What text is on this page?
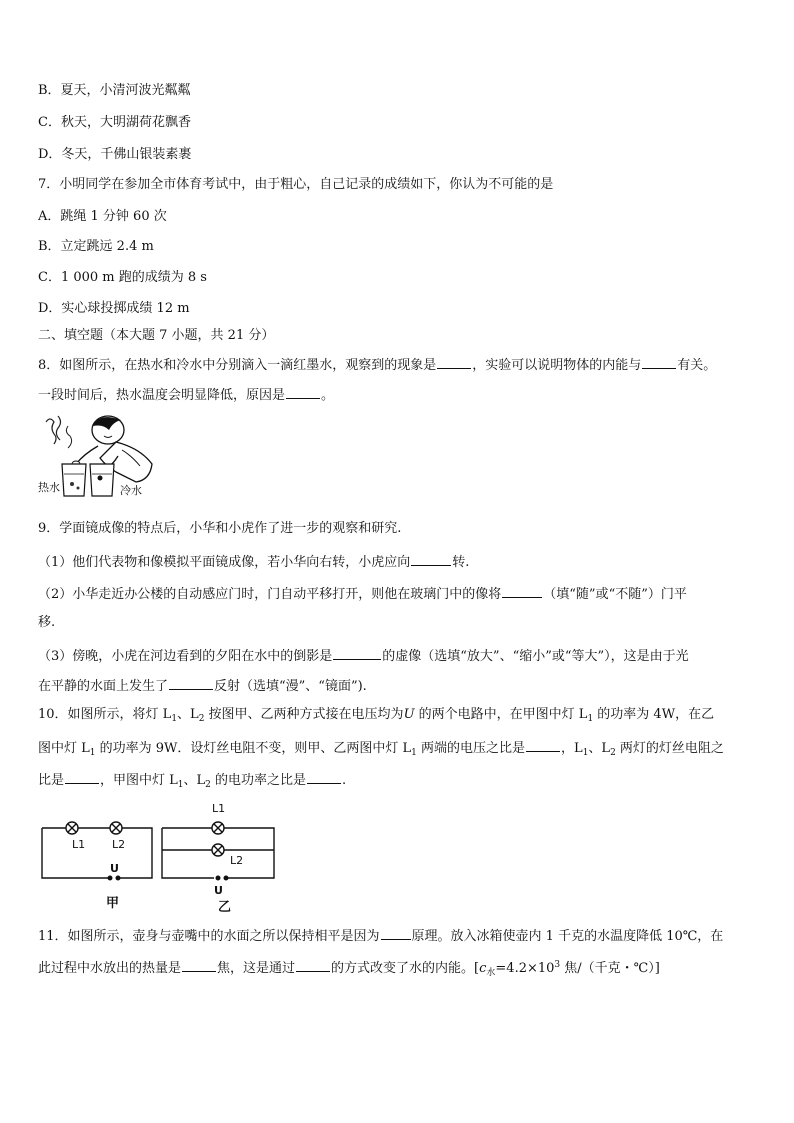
B．夏天，小清河波光粼粼
C．秋天，大明湖荷花飘香
D．冬天，千佛山银装素裹
7．小明同学在参加全市体育考试中，由于粗心，自己记录的成绩如下，你认为不可能的是
A．跳绳 1 分钟 60 次
B．立定跳远 2.4 m
C．1 000 m 跑的成绩为 8 s
D．实心球投掷成绩 12 m
二、填空题（本大题 7 小题，共 21 分）
8．如图所示，在热水和冷水中分别滴入一滴红墨水，观察到的现象是	，实验可以说明物体的内能与	有关。
一段时间后，热水温度会明显降低，原因是	。
热水	冷水
9．学面镜成像的特点后，小华和小虎作了进一步的观察和研究.
（1）他们代表物和像模拟平面镜成像，若小华向右转，小虎应向	转.
（2）小华走近办公楼的自动感应门时，门自动平移打开，则他在玻璃门中的像将	（填“随”或“不随”）门平
移.
（3）傍晚，小虎在河边看到的夕阳在水中的倒影是	的虚像（选填“放大”、“缩小”或“等大”），这是由于光
在平静的水面上发生了	反射（选填“漫”、“镜面”).
10．如图所示，将灯 $L_1$、$L_2$ 按图甲、乙两种方式接在电压均为U 的两个电路中，在甲图中灯 $L_1$ 的功率为 4W，在乙
图中灯 $L_1$ 的功率为 9W．设灯丝电阻不变，则甲、乙两图中灯 $L_1$ 两端的电压之比是	，$L_1$、$L_2$ 两灯的灯丝电阻之
比是	，甲图中灯 $L_1$、$L_2$ 的电功率之比是	.
L1 L2
U
甲
L1
L2
U
乙
11．如图所示，壶身与壶嘴中的水面之所以保持相平是因为 原理。放入冰箱使壶内 1 千克的水温度降低 10℃，在
此过程中水放出的热量是	焦，这是通过	的方式改变了水的内能。[$c_水=4.2\times 10^3$ 焦/（千克・℃）]
